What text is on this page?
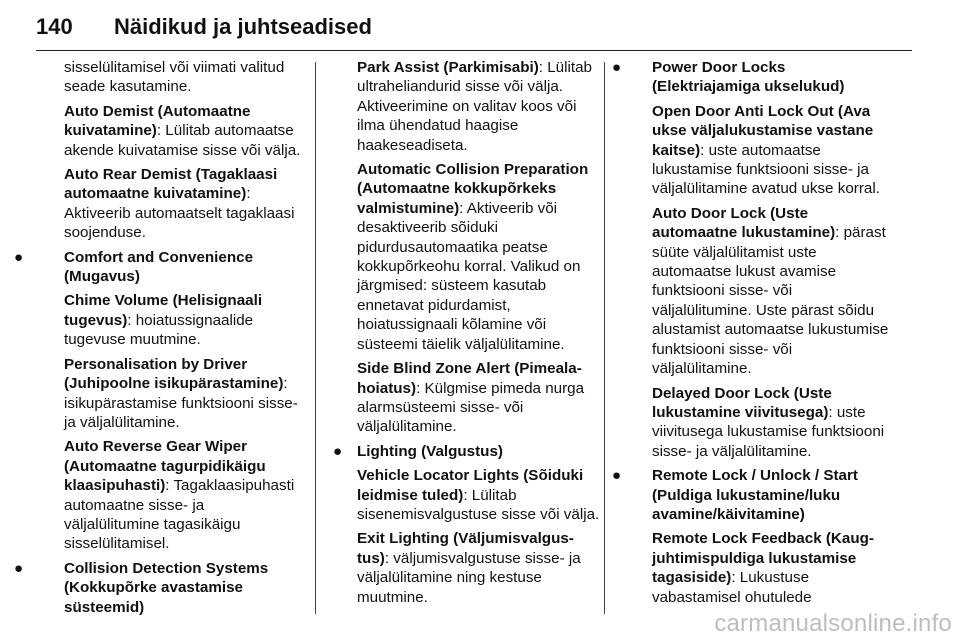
140 Näidikud ja juhtseadised
sisselülitamisel või viimati valitud seade kasutamine.
Auto Demist (Automaatne kuivatamine): Lülitab automaatse akende kuivatamise sisse või välja.
Auto Rear Demist (Tagaklaasi automaatne kuivatamine): Aktiveerib automaatselt tagaklaasi soojenduse.
●	Comfort and Convenience (Mugavus)
Chime Volume (Helisignaali tugevus): hoiatussignaalide tugevuse muutmine.
Personalisation by Driver (Juhipoolne isikupärastamine): isikupärastamise funktsiooni sisse- ja väljalülitamine.
Auto Reverse Gear Wiper (Automaatne tagurpidikäigu klaasipuhasti): Tagaklaasipuhasti automaatne sisse- ja väljalülitumine tagasikäigu sisselülitamisel.
●	Collision Detection Systems (Kokkupõrke avastamise süsteemid)
Park Assist (Parkimisabi): Lülitab ultraheliandurid sisse või välja. Aktiveerimine on valitav koos või ilma ühendatud haagise haakeseadiseta.
Automatic Collision Preparation (Automaatne kokkupõrkeks valmistumine): Aktiveerib või desaktiveerib sõiduki pidurdusautomaatika peatse kokkupõrkeohu korral. Valikud on järgmised: süsteem kasutab ennetavat pidurdamist, hoiatussignaali kõlamine või süsteemi täielik väljalülitamine.
Side Blind Zone Alert (Pimeala-hoiatus): Külgmise pimeda nurga alarmsüsteemi sisse- või väljalülitamine.
● Lighting (Valgustus)
Vehicle Locator Lights (Sõiduki leidmise tuled): Lülitab sisenemisvalgustuse sisse või välja.
Exit Lighting (Väljumisvalgus-tus): väljumisvalgustuse sisse- ja väljalülitamine ning kestuse muutmine.
● Power Door Locks (Elektriajamiga ukselukud)
Open Door Anti Lock Out (Ava ukse väljalukustamise vastane kaitse): uste automaatse lukustamise funktsiooni sisse- ja väljalülitamine avatud ukse korral.
Auto Door Lock (Uste automaatne lukustamine): pärast süüte väljalülitamist uste automaatse lukust avamise funktsiooni sisse- või väljalülitumine. Uste pärast sõidu alustamist automaatse lukustumise funktsiooni sisse- või väljalülitamine.
Delayed Door Lock (Uste lukustamine viivitusega): uste viivitusega lukustamise funktsiooni sisse- ja väljalülitamine.
● Remote Lock / Unlock / Start (Puldiga lukustamine/luku avamine/käivitamine)
Remote Lock Feedback (Kaug-juhtimispuldiga lukustamise tagasiside): Lukustuse vabastamisel ohutulede
carmanualsonline.info
